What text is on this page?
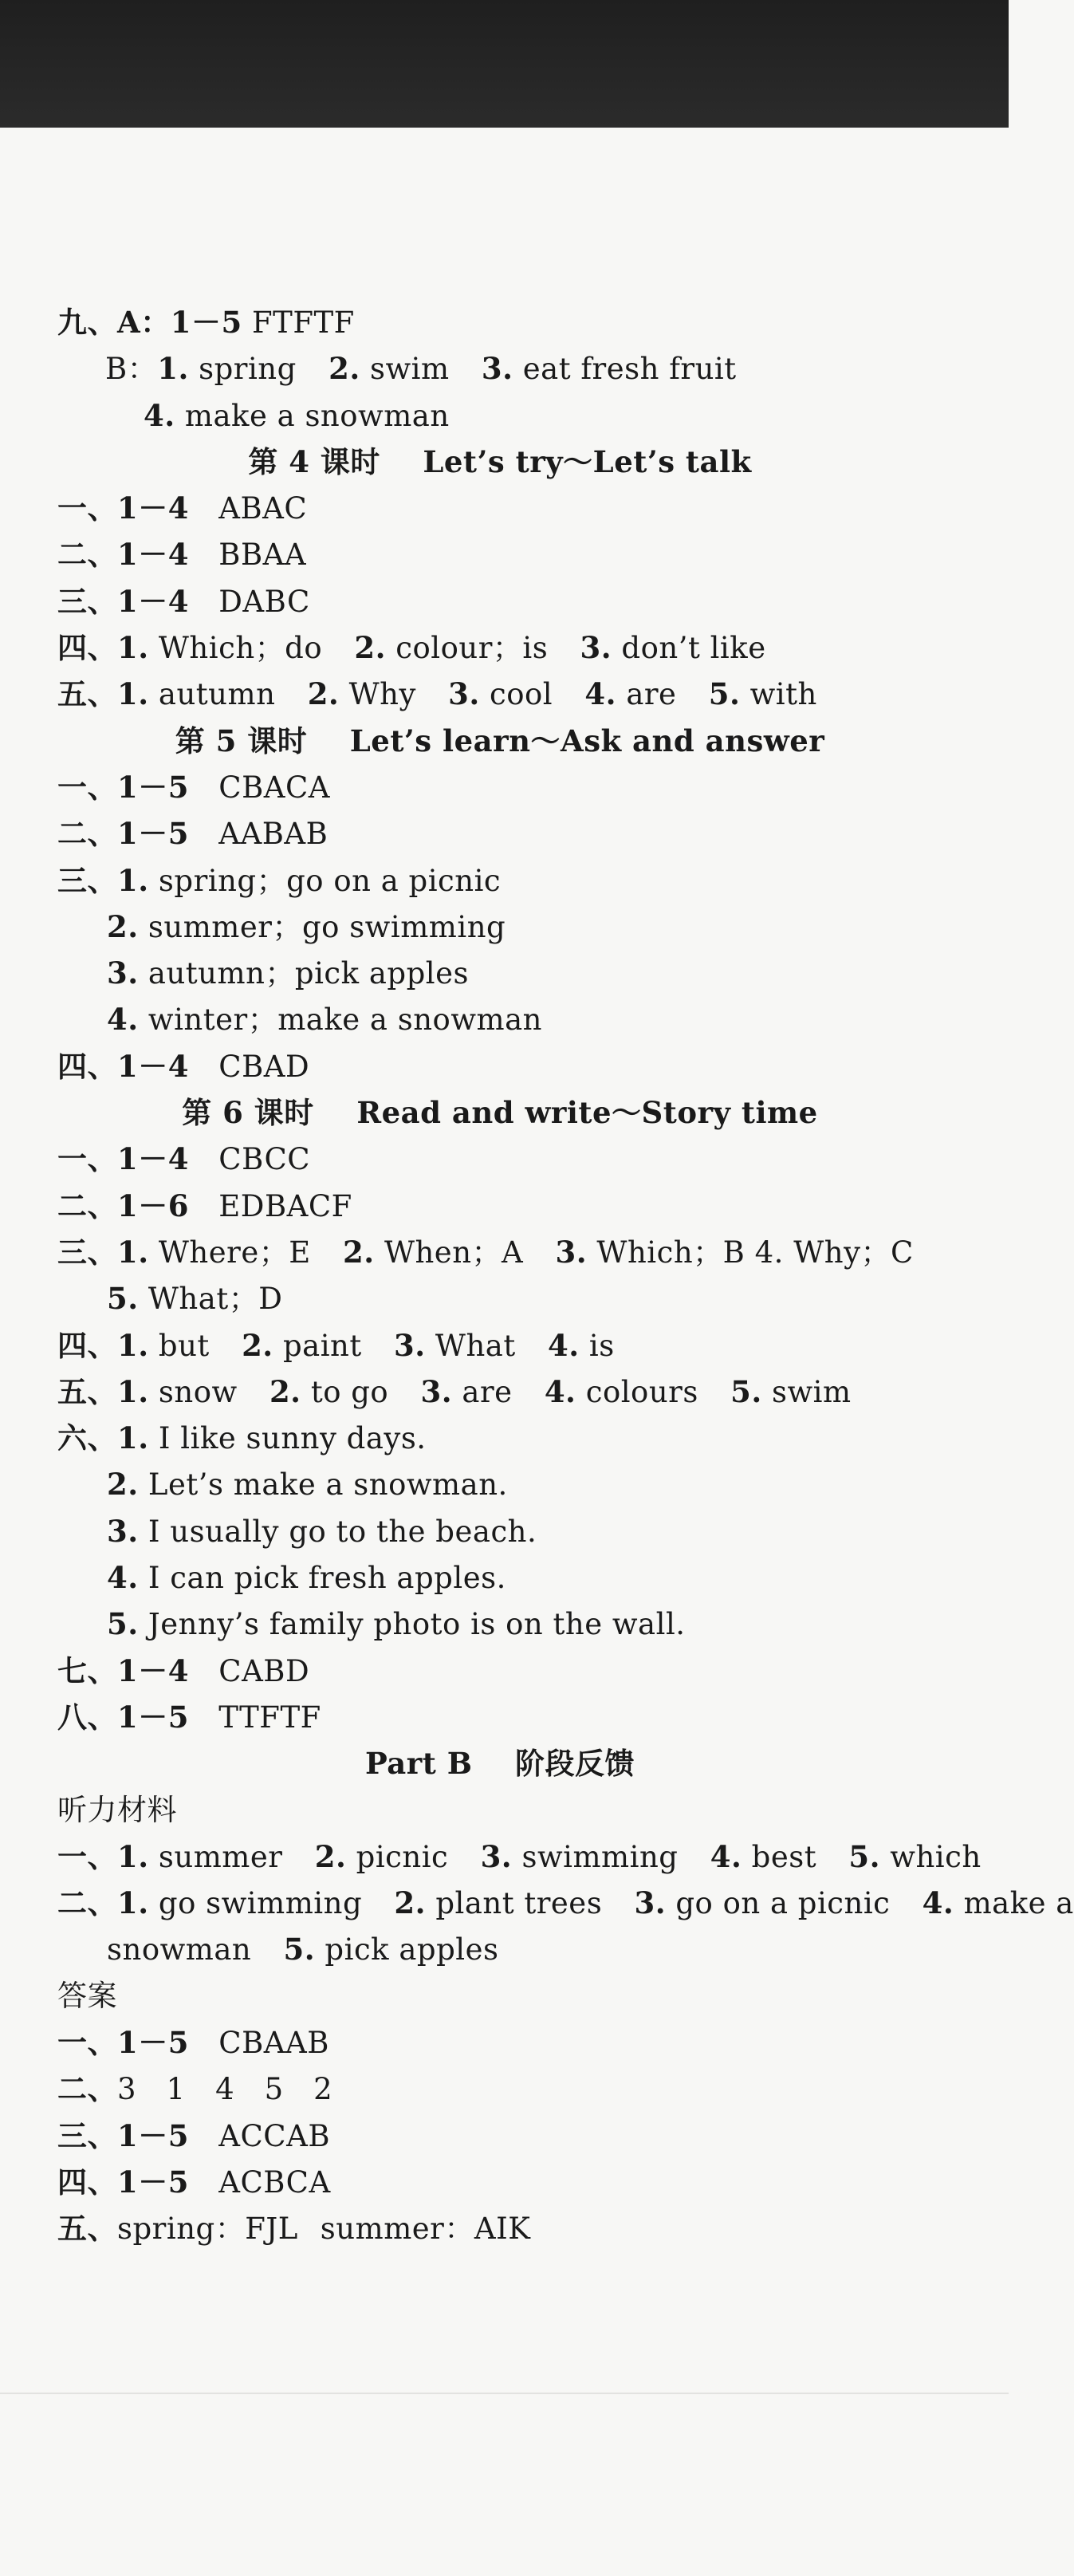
九、A：1－5 FTFTF
B：1. spring 2. swim 3. eat fresh fruit
4. make a snowman
第 4 课时 Let’s try～Let’s talk
一、1－4 ABAC
二、1－4 BBAA
三、1－4 DABC
四、1. Which；do 2. colour；is 3. don’t like
五、1. autumn 2. Why 3. cool 4. are 5. with
第 5 课时 Let’s learn～Ask and answer
一、1－5 CBACA
二、1－5 AABAB
三、1. spring；go on a picnic
2. summer；go swimming
3. autumn；pick apples
4. winter；make a snowman
四、1－4 CBAD
第 6 课时 Read and write～Story time
一、1－4 CBCC
二、1－6 EDBACF
三、1. Where；E 2. When；A 3. Which；B 4. Why；C
5. What；D
四、1. but 2. paint 3. What 4. is
五、1. snow 2. to go 3. are 4. colours 5. swim
六、1. I like sunny days.
2. Let’s make a snowman.
3. I usually go to the beach.
4. I can pick fresh apples.
5. Jenny’s family photo is on the wall.
七、1－4 CABD
八、1－5 TTFTF
Part B 阶段反馈
听力材料
一、1. summer 2. picnic 3. swimming 4. best 5. which
二、1. go swimming 2. plant trees 3. go on a picnic 4. make a
snowman 5. pick apples
答案
一、1－5 CBAAB
二、3　1　4　5　2
三、1－5 ACCAB
四、1－5 ACBCA
五、spring：FJL summer：AIK
